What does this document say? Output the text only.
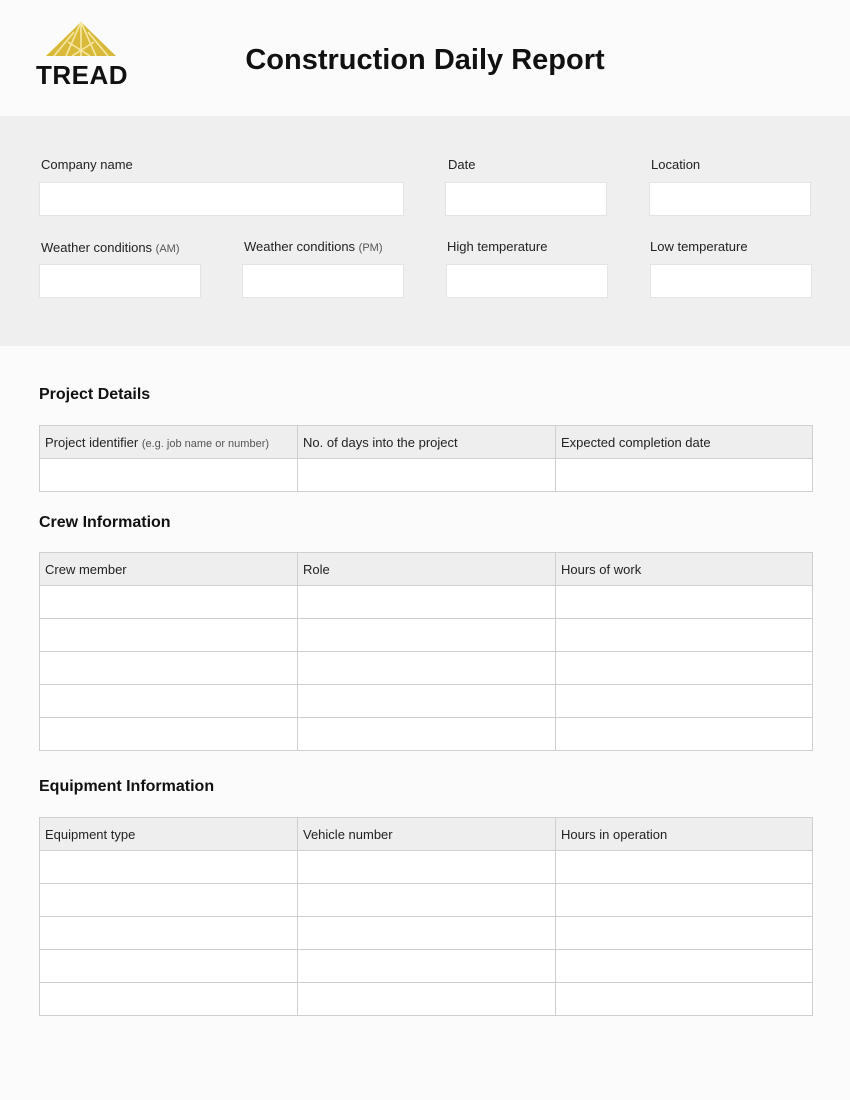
TREAD	Construction Daily Report
Company name	Date	Location
Weather conditions (AM)	Weather conditions (PM)	High temperature	Low temperature
Project Details
Project identifier (e.g. job name or number)	No. of days into the project	Expected completion date

Crew Information
Crew member	Role	Hours of work

Equipment Information
Equipment type	Vehicle number	Hours in operation
